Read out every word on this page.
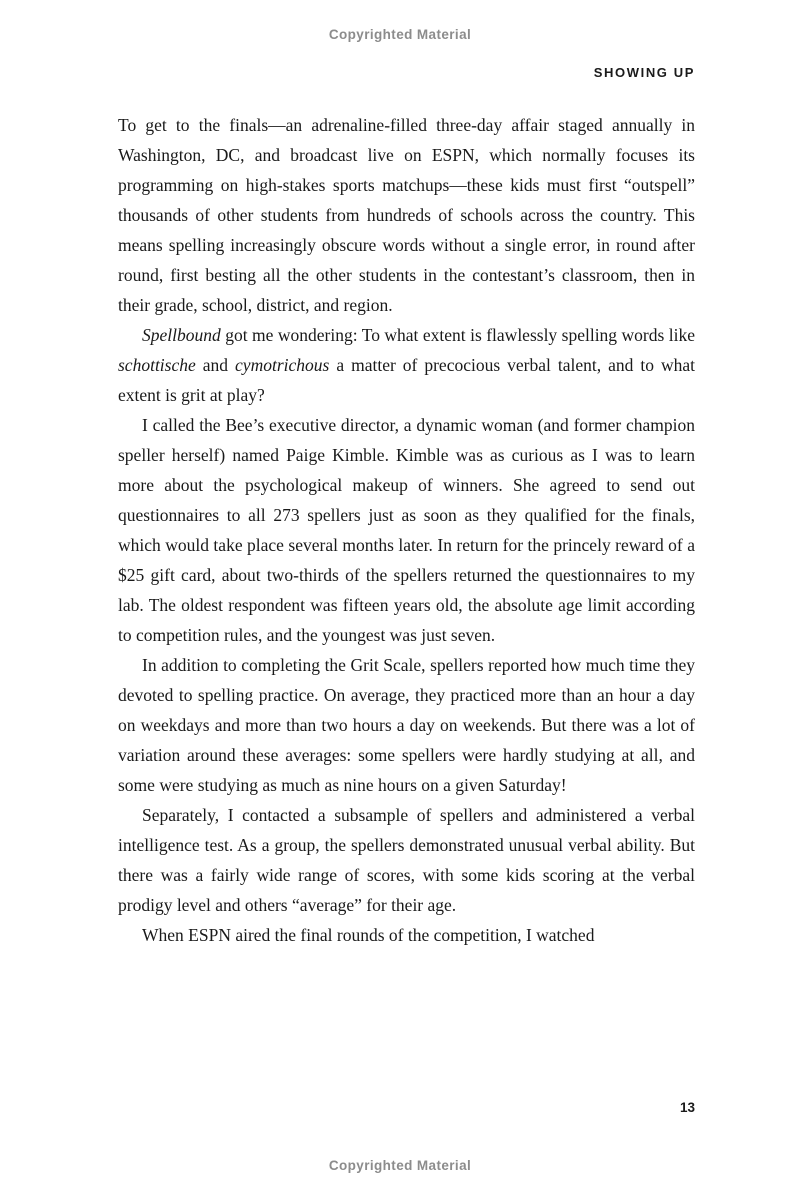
Copyrighted Material
SHOWING UP

To get to the finals—an adrenaline-filled three-day affair staged annually in Washington, DC, and broadcast live on ESPN, which normally focuses its programming on high-stakes sports matchups—these kids must first “outspell” thousands of other students from hundreds of schools across the country. This means spelling increasingly obscure words without a single error, in round after round, first besting all the other students in the contestant’s classroom, then in their grade, school, district, and region.

Spellbound got me wondering: To what extent is flawlessly spelling words like schottische and cymotrichous a matter of precocious verbal talent, and to what extent is grit at play?

I called the Bee’s executive director, a dynamic woman (and former champion speller herself) named Paige Kimble. Kimble was as curious as I was to learn more about the psychological makeup of winners. She agreed to send out questionnaires to all 273 spellers just as soon as they qualified for the finals, which would take place several months later. In return for the princely reward of a $25 gift card, about two-thirds of the spellers returned the questionnaires to my lab. The oldest respondent was fifteen years old, the absolute age limit according to competition rules, and the youngest was just seven.

In addition to completing the Grit Scale, spellers reported how much time they devoted to spelling practice. On average, they practiced more than an hour a day on weekdays and more than two hours a day on weekends. But there was a lot of variation around these averages: some spellers were hardly studying at all, and some were studying as much as nine hours on a given Saturday!

Separately, I contacted a subsample of spellers and administered a verbal intelligence test. As a group, the spellers demonstrated unusual verbal ability. But there was a fairly wide range of scores, with some kids scoring at the verbal prodigy level and others “average” for their age.

When ESPN aired the final rounds of the competition, I watched

13
Copyrighted Material
